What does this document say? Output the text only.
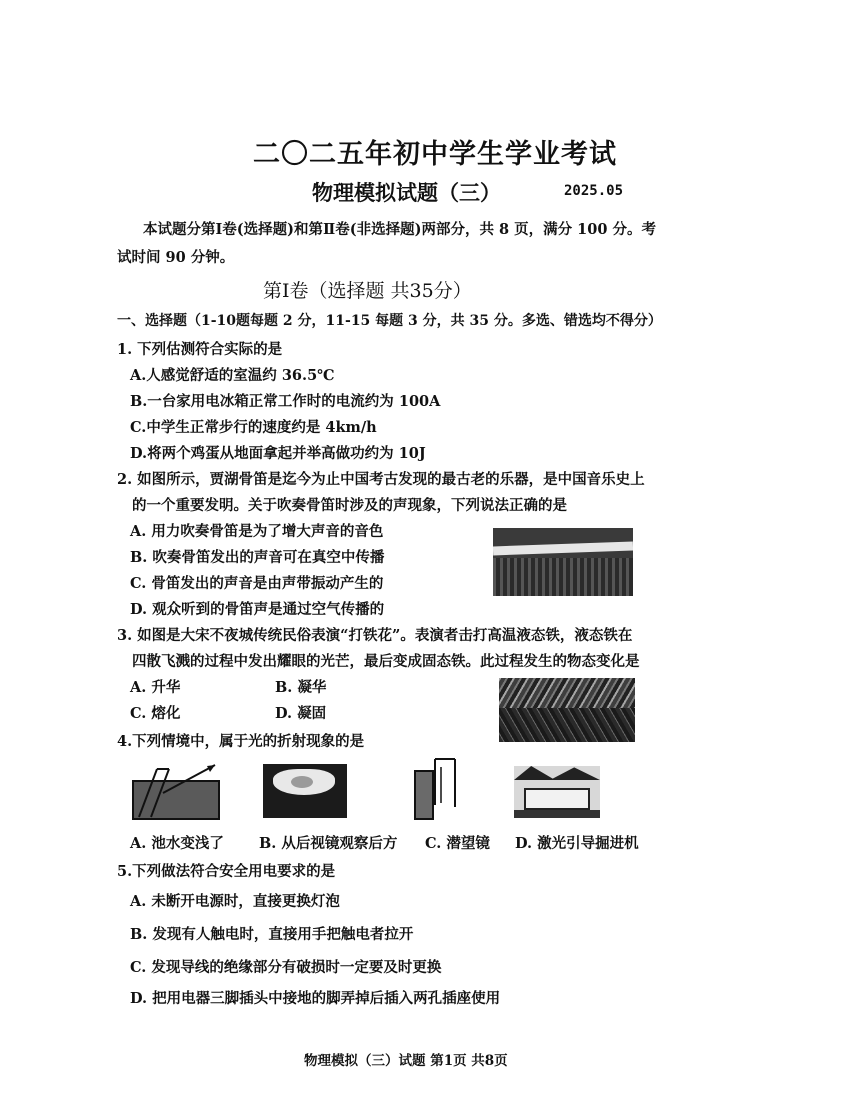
二〇二五年初中学生学业考试
物理模拟试题（三）	2025.05
本试题分第Ⅰ卷(选择题)和第Ⅱ卷(非选择题)两部分，共 8 页，满分 100 分。考
试时间 90 分钟。
第Ⅰ卷（选择题 共35分）
一、选择题（1-10题每题 2 分，11-15 每题 3 分，共 35 分。多选、错选均不得分）
1. 下列估测符合实际的是
A.人感觉舒适的室温约 36.5℃
B.一台家用电冰箱正常工作时的电流约为 100A
C.中学生正常步行的速度约是 4km/h
D.将两个鸡蛋从地面拿起并举高做功约为 10J
2. 如图所示，贾湖骨笛是迄今为止中国考古发现的最古老的乐器，是中国音乐史上
的一个重要发明。关于吹奏骨笛时涉及的声现象，下列说法正确的是
A. 用力吹奏骨笛是为了增大声音的音色
B. 吹奏骨笛发出的声音可在真空中传播
C. 骨笛发出的声音是由声带振动产生的
D. 观众听到的骨笛声是通过空气传播的
3. 如图是大宋不夜城传统民俗表演“打铁花”。表演者击打高温液态铁，液态铁在
四散飞溅的过程中发出耀眼的光芒，最后变成固态铁。此过程发生的物态变化是
A. 升华	B. 凝华
C. 熔化	D. 凝固
4.下列情境中，属于光的折射现象的是
A. 池水变浅了 B. 从后视镜观察后方 C. 潜望镜 D. 激光引导掘进机
5.下列做法符合安全用电要求的是
A. 未断开电源时，直接更换灯泡
B. 发现有人触电时，直接用手把触电者拉开
C. 发现导线的绝缘部分有破损时一定要及时更换
D. 把用电器三脚插头中接地的脚弄掉后插入两孔插座使用
物理模拟（三）试题 第1页 共8页
